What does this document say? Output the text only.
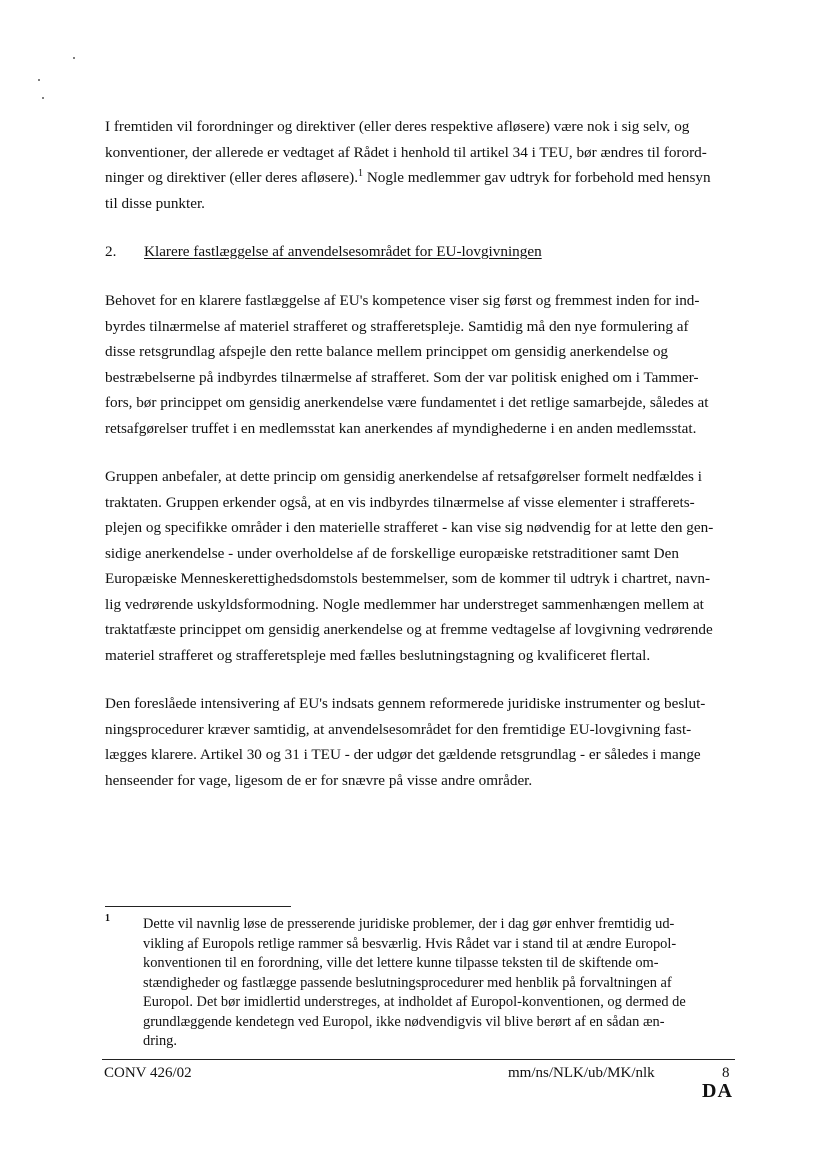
I fremtiden vil forordninger og direktiver (eller deres respektive afløsere) være nok i sig selv, og
konventioner, der allerede er vedtaget af Rådet i henhold til artikel 34 i TEU, bør ændres til forord-
ninger og direktiver (eller deres afløsere).$^1$ Nogle medlemmer gav udtryk for forbehold med hensyn
til disse punkter.

2. Klarere fastlæggelse af anvendelsesområdet for EU-lovgivningen

Behovet for en klarere fastlæggelse af EU's kompetence viser sig først og fremmest inden for ind-
byrdes tilnærmelse af materiel strafferet og strafferetspleje. Samtidig må den nye formulering af
disse retsgrundlag afspejle den rette balance mellem princippet om gensidig anerkendelse og
bestræbelserne på indbyrdes tilnærmelse af strafferet. Som der var politisk enighed om i Tammer-
fors, bør princippet om gensidig anerkendelse være fundamentet i det retlige samarbejde, således at
retsafgørelser truffet i en medlemsstat kan anerkendes af myndighederne i en anden medlemsstat.

Gruppen anbefaler, at dette princip om gensidig anerkendelse af retsafgørelser formelt nedfældes i
traktaten. Gruppen erkender også, at en vis indbyrdes tilnærmelse af visse elementer i strafferets-
plejen og specifikke områder i den materielle strafferet - kan vise sig nødvendig for at lette den gen-
sidige anerkendelse - under overholdelse af de forskellige europæiske retstraditioner samt Den
Europæiske Menneskerettighedsdomstols bestemmelser, som de kommer til udtryk i chartret, navn-
lig vedrørende uskyldsformodning. Nogle medlemmer har understreget sammenhængen mellem at
traktatfæste princippet om gensidig anerkendelse og at fremme vedtagelse af lovgivning vedrørende
materiel strafferet og strafferetspleje med fælles beslutningstagning og kvalificeret flertal.

Den foreslåede intensivering af EU's indsats gennem reformerede juridiske instrumenter og beslut-
ningsprocedurer kræver samtidig, at anvendelsesområdet for den fremtidige EU-lovgivning fast-
lægges klarere. Artikel 30 og 31 i TEU - der udgør det gældende retsgrundlag - er således i mange
henseender for vage, ligesom de er for snævre på visse andre områder.

1 Dette vil navnlig løse de presserende juridiske problemer, der i dag gør enhver fremtidig ud-
vikling af Europols retlige rammer så besværlig. Hvis Rådet var i stand til at ændre Europol-
konventionen til en forordning, ville det lettere kunne tilpasse teksten til de skiftende om-
stændigheder og fastlægge passende beslutningsprocedurer med henblik på forvaltningen af
Europol. Det bør imidlertid understreges, at indholdet af Europol-konventionen, og dermed de
grundlæggende kendetegn ved Europol, ikke nødvendigvis vil blive berørt af en sådan æn-
dring.

CONV 426/02	mm/ns/NLK/ub/MK/nlk	8
DA
